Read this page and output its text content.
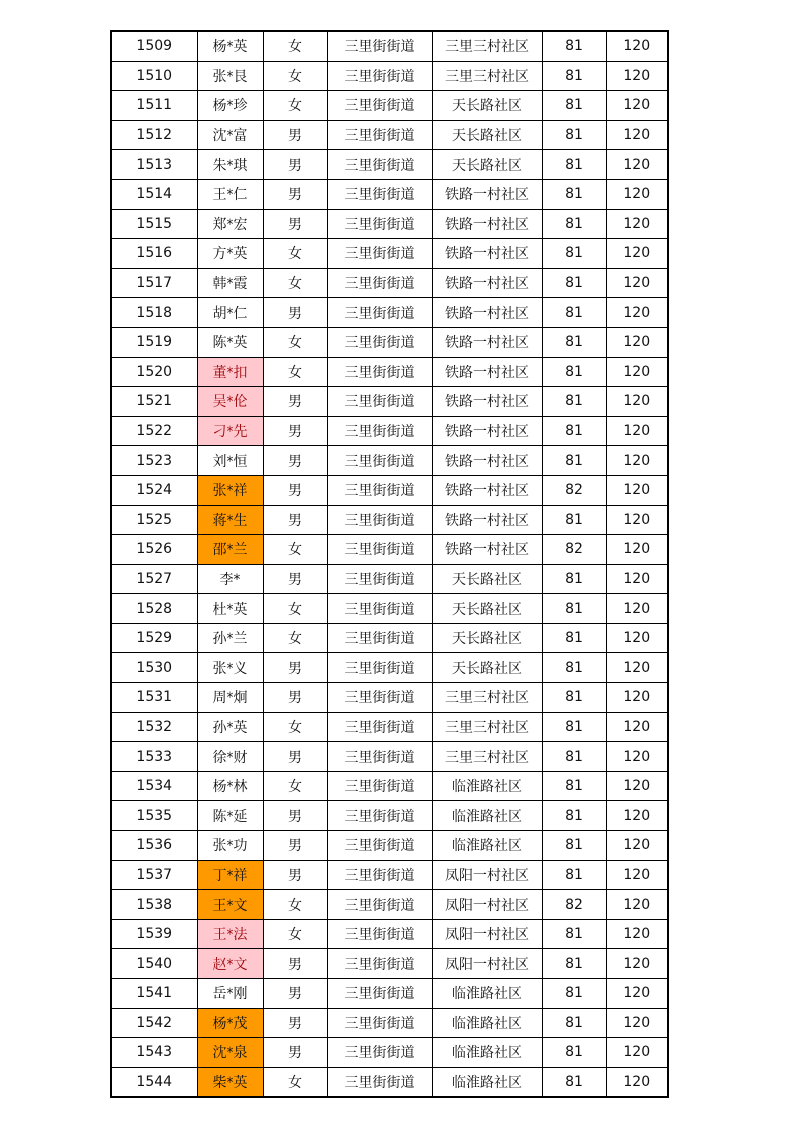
1509	杨*英	女	三里街街道	三里三村社区	81	120
1510	张*艮	女	三里街街道	三里三村社区	81	120
1511	杨*珍	女	三里街街道	天长路社区	81	120
1512	沈*富	男	三里街街道	天长路社区	81	120
1513	朱*琪	男	三里街街道	天长路社区	81	120
1514	王*仁	男	三里街街道	铁路一村社区	81	120
1515	郑*宏	男	三里街街道	铁路一村社区	81	120
1516	方*英	女	三里街街道	铁路一村社区	81	120
1517	韩*霞	女	三里街街道	铁路一村社区	81	120
1518	胡*仁	男	三里街街道	铁路一村社区	81	120
1519	陈*英	女	三里街街道	铁路一村社区	81	120
1520	董*扣	女	三里街街道	铁路一村社区	81	120
1521	吴*伦	男	三里街街道	铁路一村社区	81	120
1522	刁*先	男	三里街街道	铁路一村社区	81	120
1523	刘*恒	男	三里街街道	铁路一村社区	81	120
1524	张*祥	男	三里街街道	铁路一村社区	82	120
1525	蒋*生	男	三里街街道	铁路一村社区	81	120
1526	邵*兰	女	三里街街道	铁路一村社区	82	120
1527	李*	男	三里街街道	天长路社区	81	120
1528	杜*英	女	三里街街道	天长路社区	81	120
1529	孙*兰	女	三里街街道	天长路社区	81	120
1530	张*义	男	三里街街道	天长路社区	81	120
1531	周*炯	男	三里街街道	三里三村社区	81	120
1532	孙*英	女	三里街街道	三里三村社区	81	120
1533	徐*财	男	三里街街道	三里三村社区	81	120
1534	杨*林	女	三里街街道	临淮路社区	81	120
1535	陈*延	男	三里街街道	临淮路社区	81	120
1536	张*功	男	三里街街道	临淮路社区	81	120
1537	丁*祥	男	三里街街道	凤阳一村社区	81	120
1538	王*文	女	三里街街道	凤阳一村社区	82	120
1539	王*法	女	三里街街道	凤阳一村社区	81	120
1540	赵*文	男	三里街街道	凤阳一村社区	81	120
1541	岳*刚	男	三里街街道	临淮路社区	81	120
1542	杨*茂	男	三里街街道	临淮路社区	81	120
1543	沈*泉	男	三里街街道	临淮路社区	81	120
1544	柴*英	女	三里街街道	临淮路社区	81	120
